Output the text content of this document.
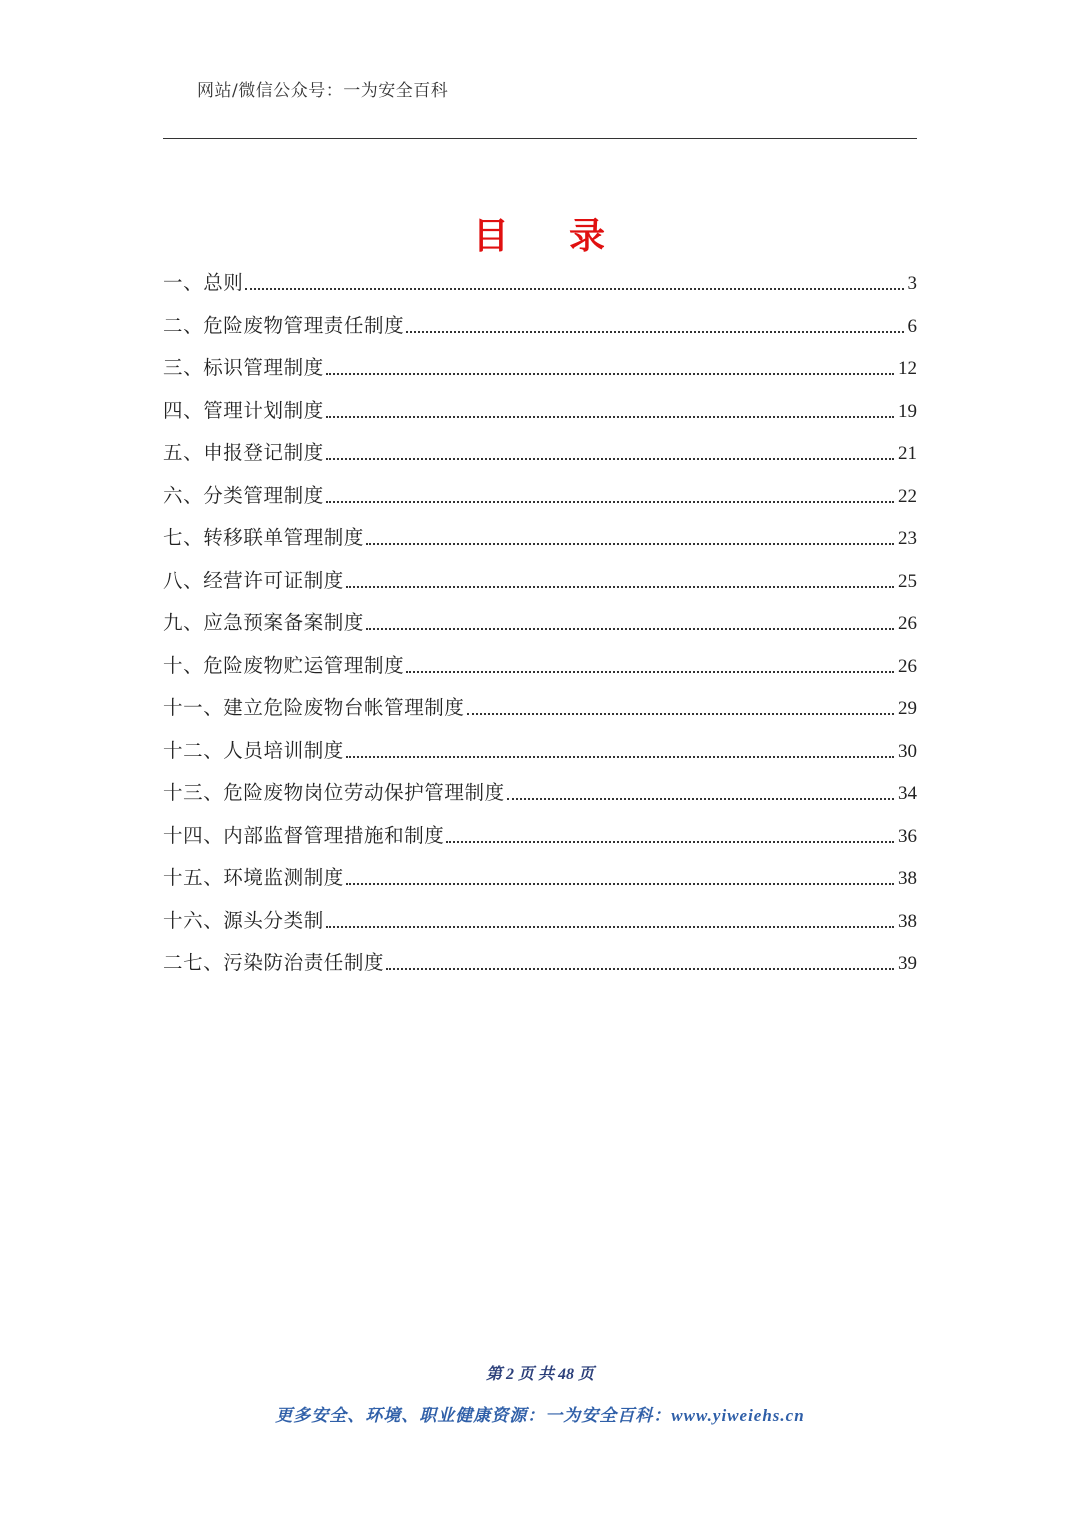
网站/微信公众号：一为安全百科
目    录
一、总则	3
二、危险废物管理责任制度	6
三、标识管理制度	12
四、管理计划制度	19
五、申报登记制度	21
六、分类管理制度	22
七、转移联单管理制度	23
八、经营许可证制度	25
九、应急预案备案制度	26
十、危险废物贮运管理制度	26
十一、建立危险废物台帐管理制度	29
十二、人员培训制度	30
十三、危险废物岗位劳动保护管理制度	34
十四、内部监督管理措施和制度	36
十五、环境监测制度	38
十六、源头分类制	38
二七、污染防治责任制度	39
第 2 页 共 48 页
更多安全、环境、职业健康资源：一为安全百科：www.yiweiehs.cn
